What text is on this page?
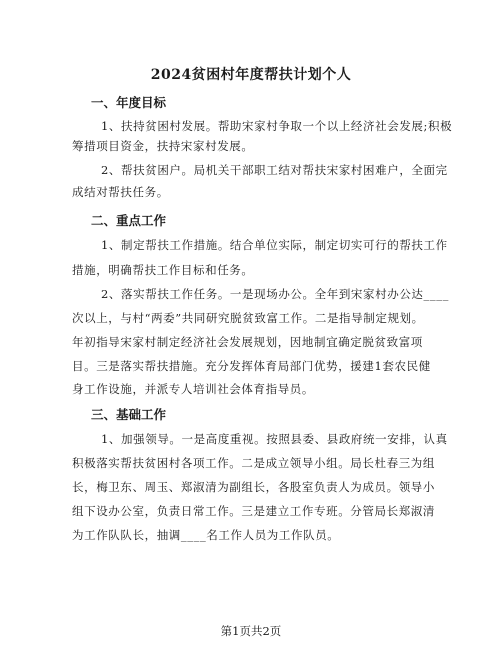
2024贫困村年度帮扶计划个人
一、年度目标
1、扶持贫困村发展。帮助宋家村争取一个以上经济社会发展;积极
筹措项目资金，扶持宋家村发展。
2、帮扶贫困户。局机关干部职工结对帮扶宋家村困难户，全面完
成结对帮扶任务。
二、重点工作
1、制定帮扶工作措施。结合单位实际，制定切实可行的帮扶工作
措施，明确帮扶工作目标和任务。
2、落实帮扶工作任务。一是现场办公。全年到宋家村办公达____
次以上，与村“两委”共同研究脱贫致富工作。二是指导制定规划。
年初指导宋家村制定经济社会发展规划，因地制宜确定脱贫致富项
目。三是落实帮扶措施。充分发挥体育局部门优势，援建1套农民健
身工作设施，并派专人培训社会体育指导员。
三、基础工作
1、加强领导。一是高度重视。按照县委、县政府统一安排，认真
积极落实帮扶贫困村各项工作。二是成立领导小组。局长杜春三为组
长，梅卫东、周玉、郑淑清为副组长，各股室负责人为成员。领导小
组下设办公室，负责日常工作。三是建立工作专班。分管局长郑淑清
为工作队队长，抽调____名工作人员为工作队员。
第1页共2页
